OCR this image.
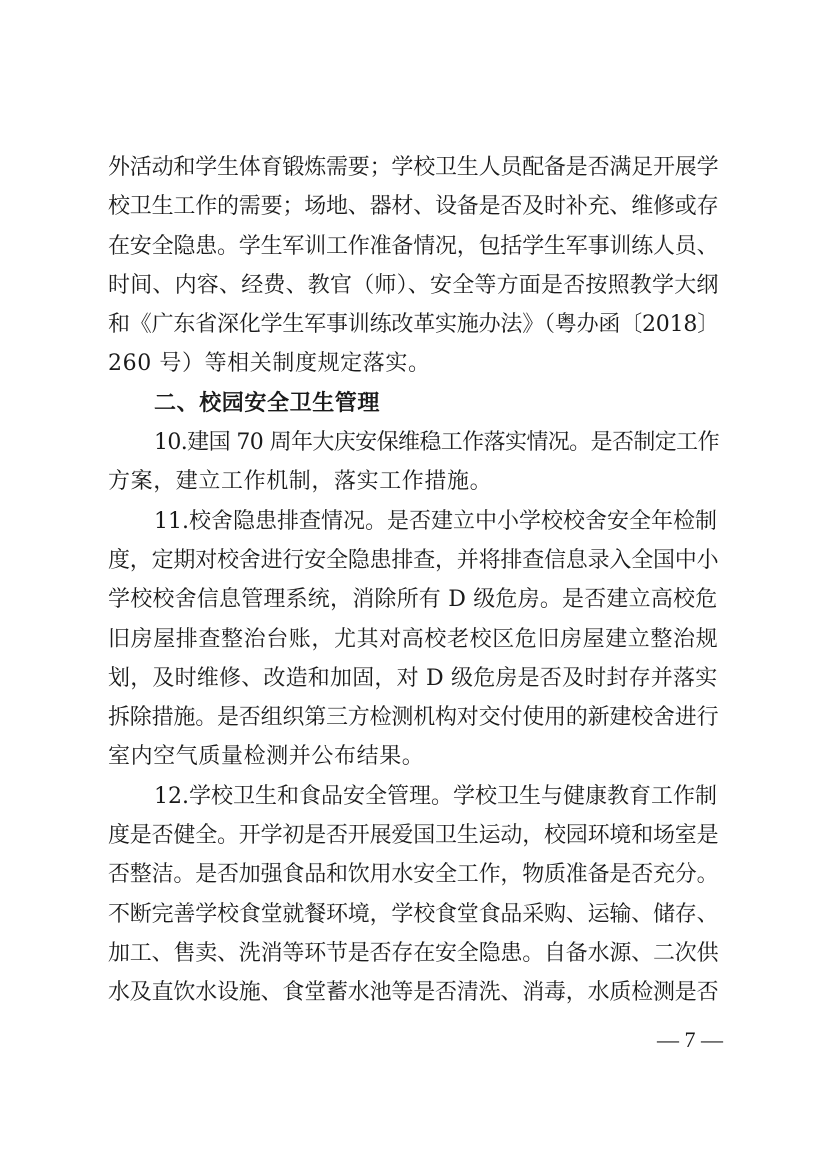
外活动和学生体育锻炼需要；学校卫生人员配备是否满足开展学
校卫生工作的需要；场地、器材、设备是否及时补充、维修或存
在安全隐患。学生军训工作准备情况，包括学生军事训练人员、
时间、内容、经费、教官（师）、安全等方面是否按照教学大纲
和《广东省深化学生军事训练改革实施办法》（粤办函〔2018〕
260 号）等相关制度规定落实。
二、校园安全卫生管理
10.建国 70 周年大庆安保维稳工作落实情况。是否制定工作
方案，建立工作机制，落实工作措施。
11.校舍隐患排查情况。是否建立中小学校校舍安全年检制
度，定期对校舍进行安全隐患排查，并将排查信息录入全国中小
学校校舍信息管理系统，消除所有 D 级危房。是否建立高校危
旧房屋排查整治台账，尤其对高校老校区危旧房屋建立整治规
划，及时维修、改造和加固，对 D 级危房是否及时封存并落实
拆除措施。是否组织第三方检测机构对交付使用的新建校舍进行
室内空气质量检测并公布结果。
12.学校卫生和食品安全管理。学校卫生与健康教育工作制
度是否健全。开学初是否开展爱国卫生运动，校园环境和场室是
否整洁。是否加强食品和饮用水安全工作，物质准备是否充分。
不断完善学校食堂就餐环境，学校食堂食品采购、运输、储存、
加工、售卖、洗消等环节是否存在安全隐患。自备水源、二次供
水及直饮水设施、食堂蓄水池等是否清洗、消毒，水质检测是否
— 7 —
